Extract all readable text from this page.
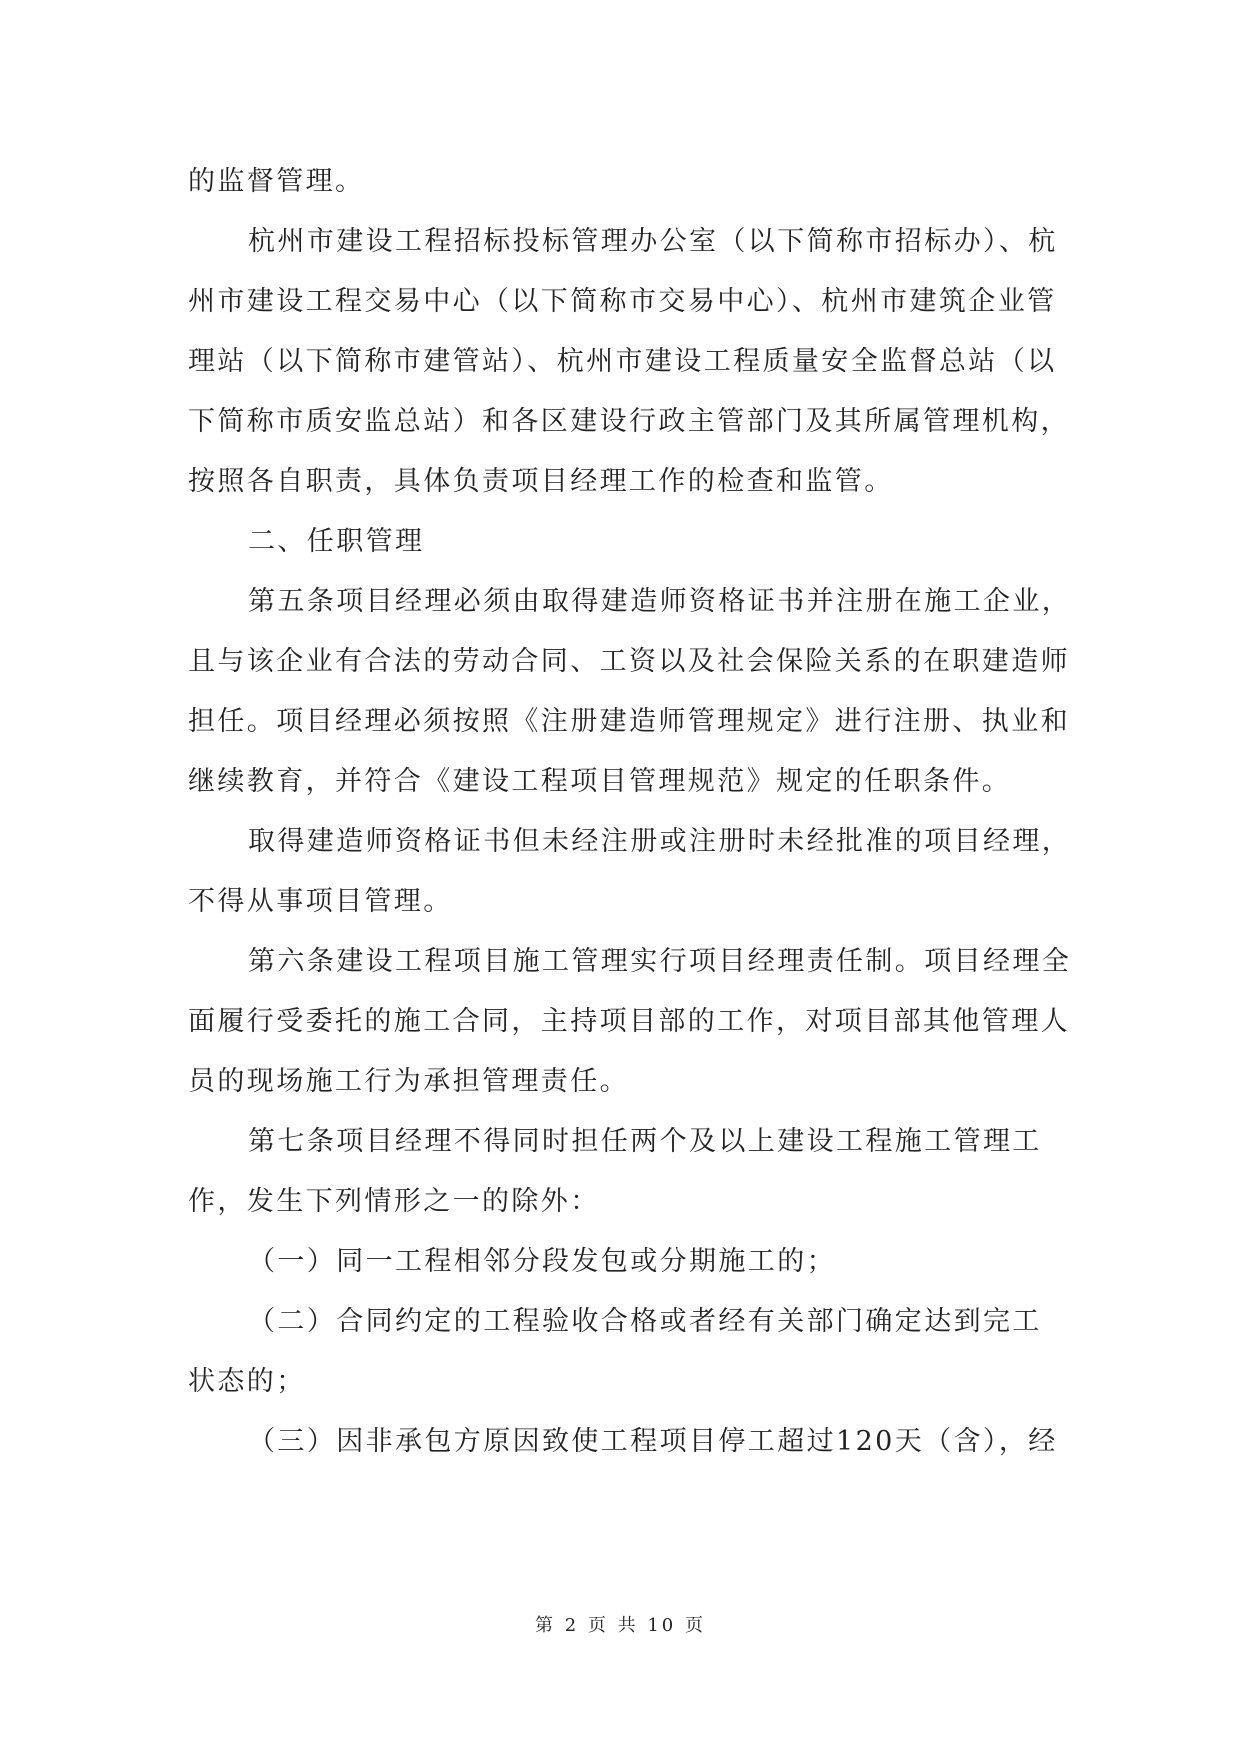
的监督管理。
杭州市建设工程招标投标管理办公室（以下简称市招标办）、杭
州市建设工程交易中心（以下简称市交易中心）、杭州市建筑企业管
理站（以下简称市建管站）、杭州市建设工程质量安全监督总站（以
下简称市质安监总站）和各区建设行政主管部门及其所属管理机构，
按照各自职责，具体负责项目经理工作的检查和监管。
二、任职管理
第五条项目经理必须由取得建造师资格证书并注册在施工企业，
且与该企业有合法的劳动合同、工资以及社会保险关系的在职建造师
担任。项目经理必须按照《注册建造师管理规定》进行注册、执业和
继续教育，并符合《建设工程项目管理规范》规定的任职条件。
取得建造师资格证书但未经注册或注册时未经批准的项目经理，
不得从事项目管理。
第六条建设工程项目施工管理实行项目经理责任制。项目经理全
面履行受委托的施工合同，主持项目部的工作，对项目部其他管理人
员的现场施工行为承担管理责任。
第七条项目经理不得同时担任两个及以上建设工程施工管理工
作，发生下列情形之一的除外：
（一）同一工程相邻分段发包或分期施工的；
（二）合同约定的工程验收合格或者经有关部门确定达到完工
状态的；
（三）因非承包方原因致使工程项目停工超过120天（含），经
第 2 页 共 10 页
